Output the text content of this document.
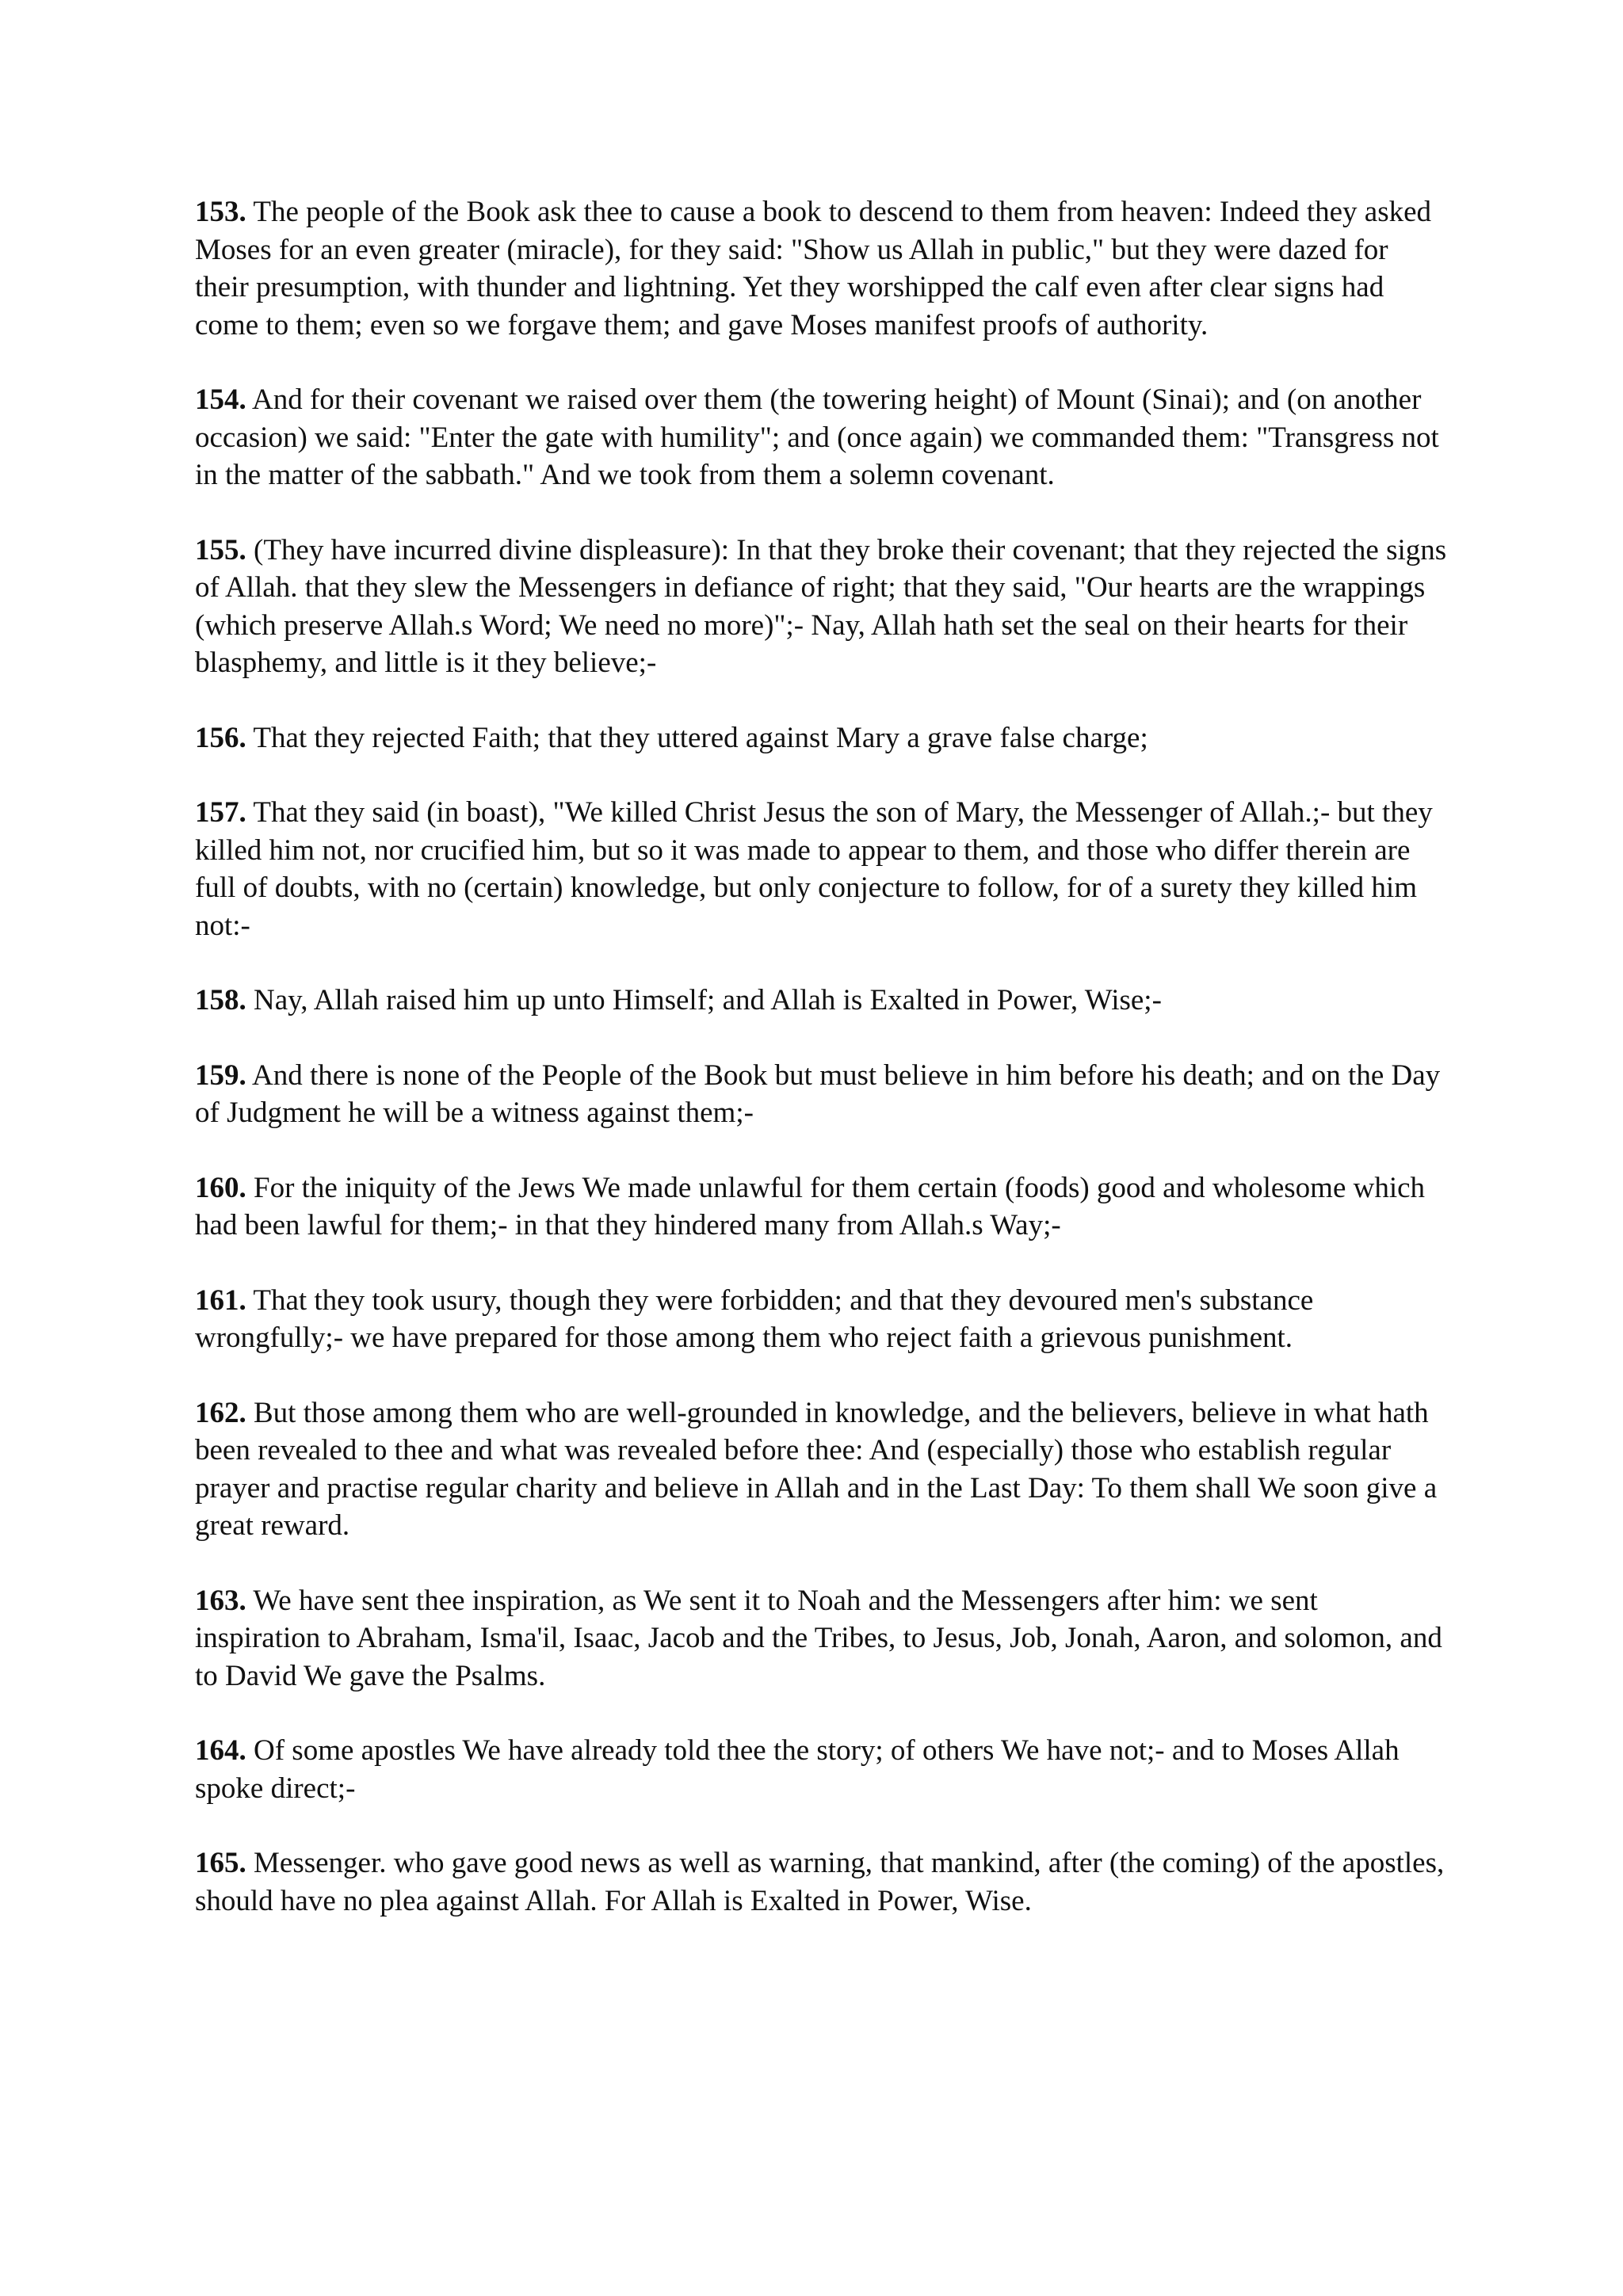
153. The people of the Book ask thee to cause a book to descend to them from heaven: Indeed they asked Moses for an even greater (miracle), for they said: "Show us Allah in public," but they were dazed for their presumption, with thunder and lightning. Yet they worshipped the calf even after clear signs had come to them; even so we forgave them; and gave Moses manifest proofs of authority.

154. And for their covenant we raised over them (the towering height) of Mount (Sinai); and (on another occasion) we said: "Enter the gate with humility"; and (once again) we commanded them: "Transgress not in the matter of the sabbath." And we took from them a solemn covenant.

155. (They have incurred divine displeasure): In that they broke their covenant; that they rejected the signs of Allah. that they slew the Messengers in defiance of right; that they said, "Our hearts are the wrappings (which preserve Allah.s Word; We need no more)";- Nay, Allah hath set the seal on their hearts for their blasphemy, and little is it they believe;-

156. That they rejected Faith; that they uttered against Mary a grave false charge;

157. That they said (in boast), "We killed Christ Jesus the son of Mary, the Messenger of Allah.;- but they killed him not, nor crucified him, but so it was made to appear to them, and those who differ therein are full of doubts, with no (certain) knowledge, but only conjecture to follow, for of a surety they killed him not:-

158. Nay, Allah raised him up unto Himself; and Allah is Exalted in Power, Wise;-

159. And there is none of the People of the Book but must believe in him before his death; and on the Day of Judgment he will be a witness against them;-

160. For the iniquity of the Jews We made unlawful for them certain (foods) good and wholesome which had been lawful for them;- in that they hindered many from Allah.s Way;-

161. That they took usury, though they were forbidden; and that they devoured men's substance wrongfully;- we have prepared for those among them who reject faith a grievous punishment.

162. But those among them who are well-grounded in knowledge, and the believers, believe in what hath been revealed to thee and what was revealed before thee: And (especially) those who establish regular prayer and practise regular charity and believe in Allah and in the Last Day: To them shall We soon give a great reward.

163. We have sent thee inspiration, as We sent it to Noah and the Messengers after him: we sent inspiration to Abraham, Isma'il, Isaac, Jacob and the Tribes, to Jesus, Job, Jonah, Aaron, and solomon, and to David We gave the Psalms.

164. Of some apostles We have already told thee the story; of others We have not;- and to Moses Allah spoke direct;-

165. Messenger. who gave good news as well as warning, that mankind, after (the coming) of the apostles, should have no plea against Allah. For Allah is Exalted in Power, Wise.
